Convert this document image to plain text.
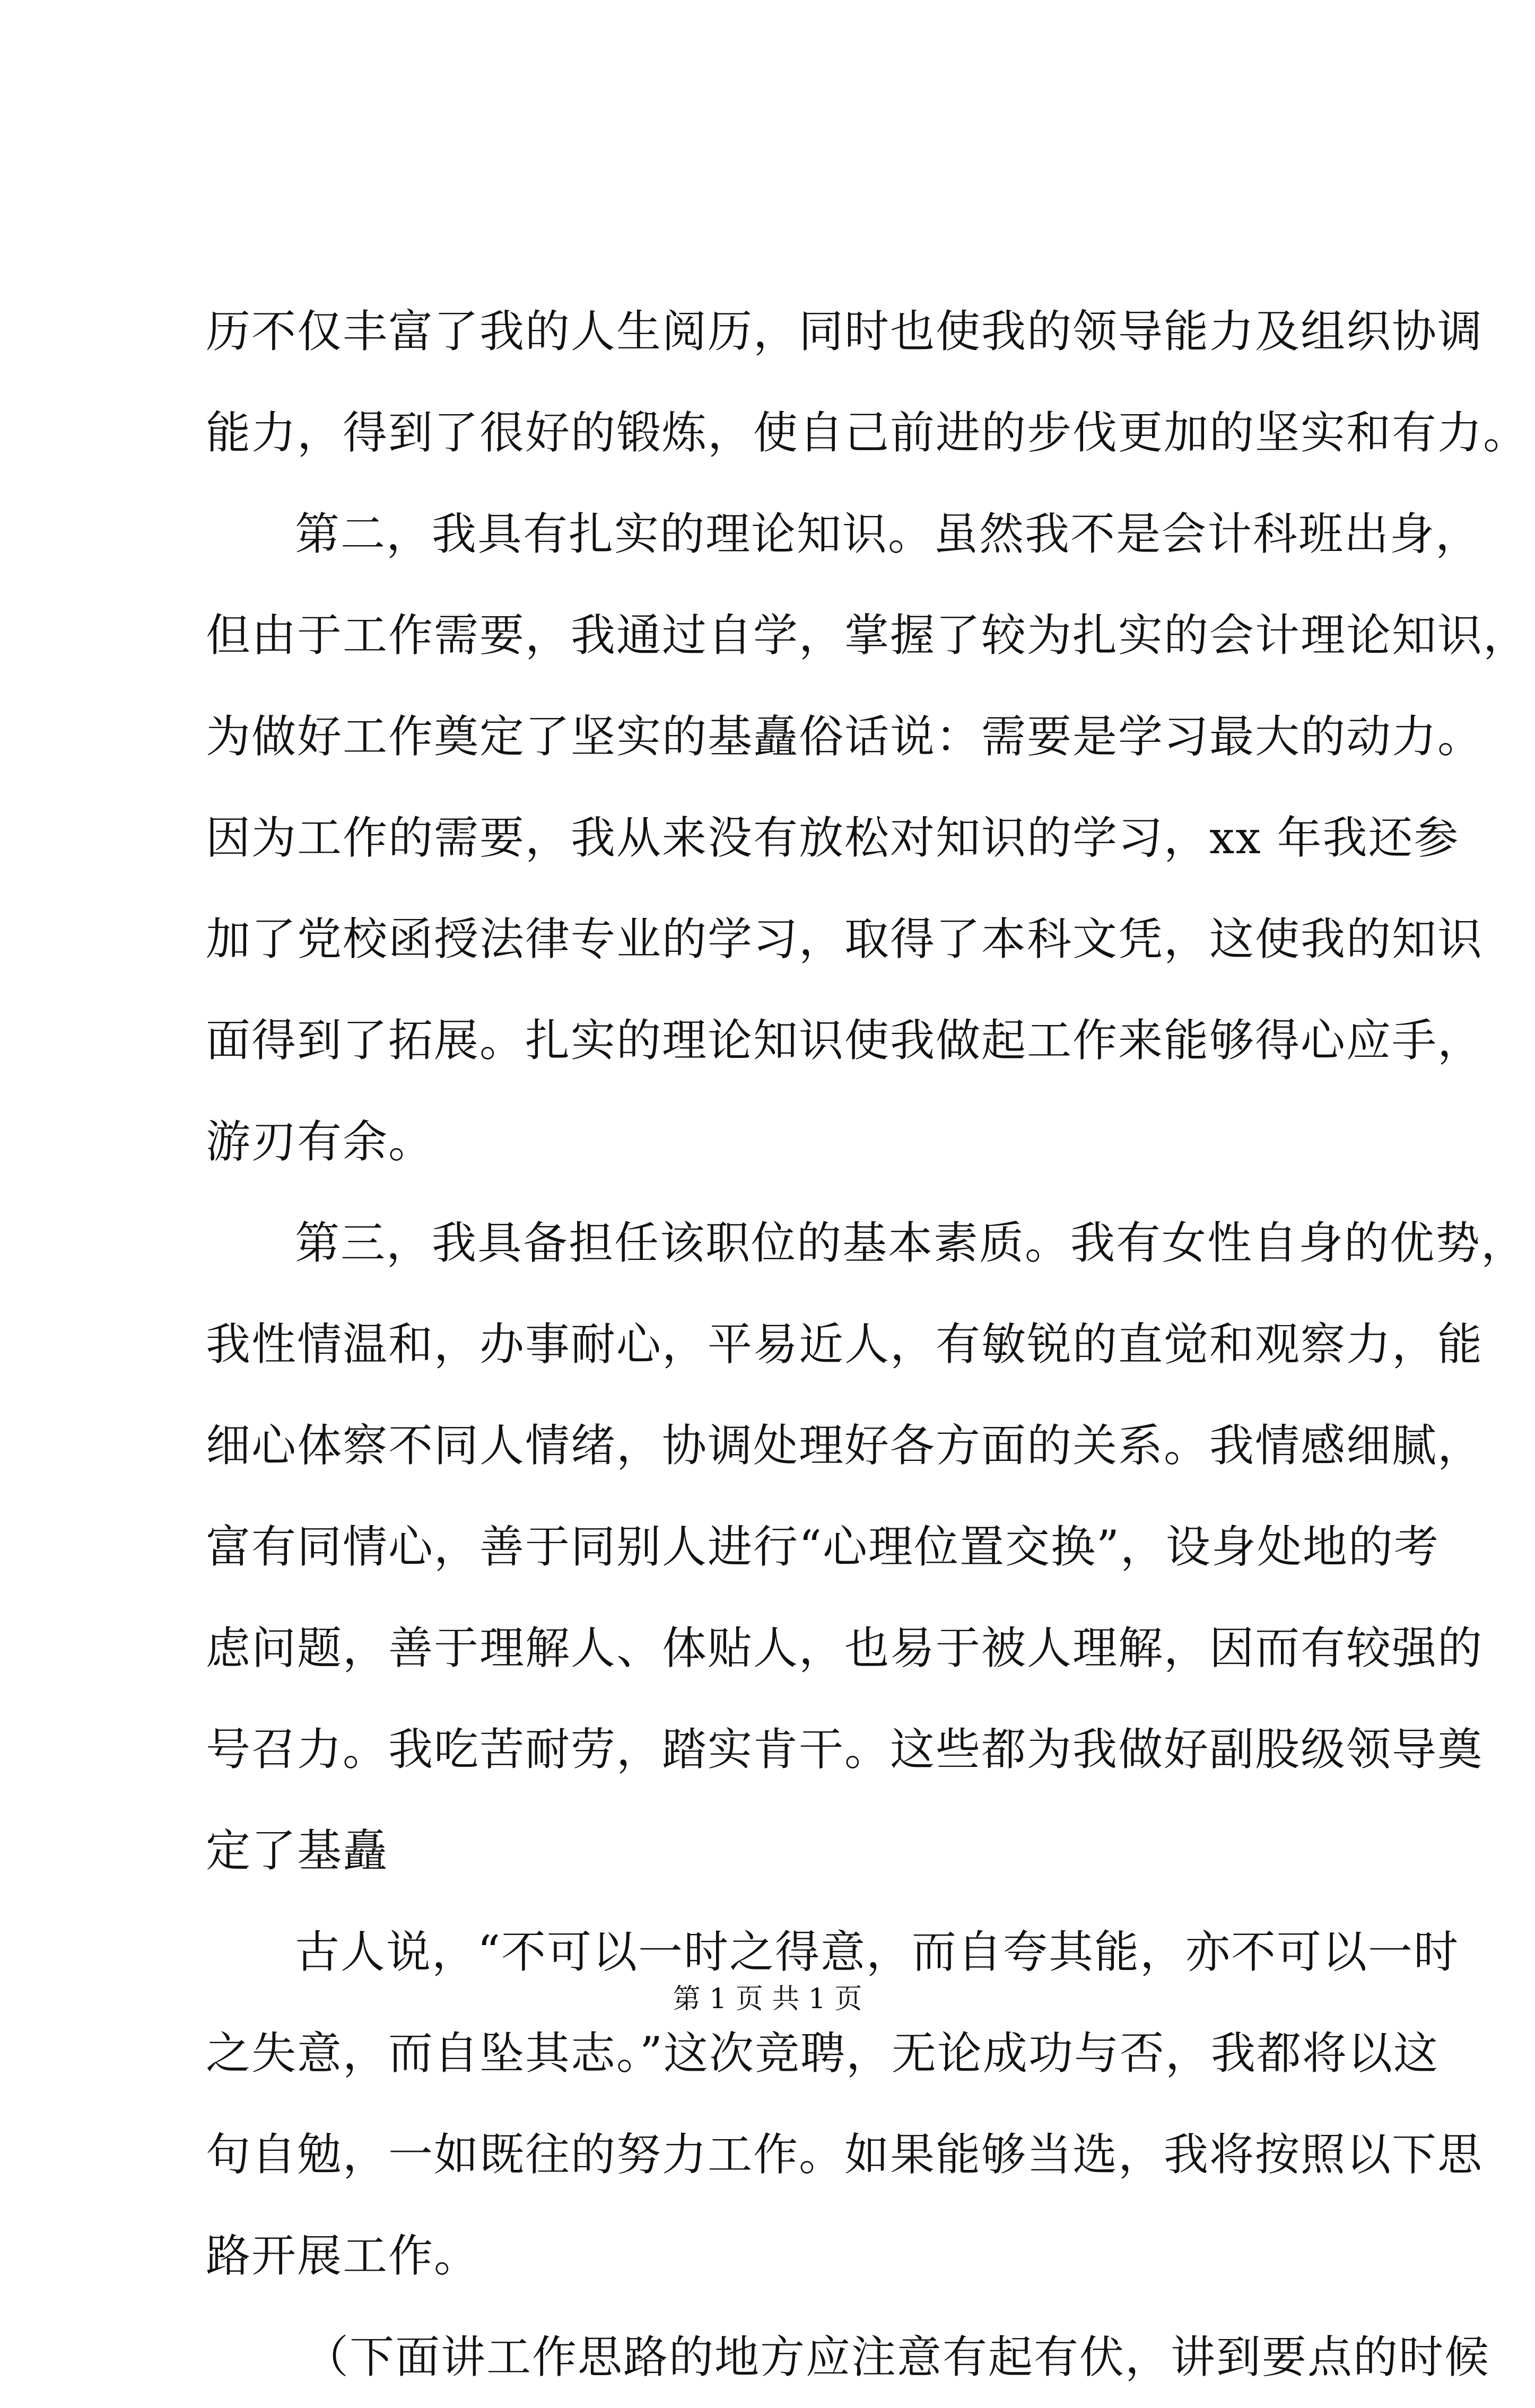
历不仅丰富了我的人生阅历，同时也使我的领导能力及组织协调
能力，得到了很好的锻炼，使自己前进的步伐更加的坚实和有力。
第二，我具有扎实的理论知识。虽然我不是会计科班出身，
但由于工作需要，我通过自学，掌握了较为扎实的会计理论知识，
为做好工作奠定了坚实的基矗俗话说：需要是学习最大的动力。
因为工作的需要，我从来没有放松对知识的学习，xx 年我还参
加了党校函授法律专业的学习，取得了本科文凭，这使我的知识
面得到了拓展。扎实的理论知识使我做起工作来能够得心应手，
游刃有余。
第三，我具备担任该职位的基本素质。我有女性自身的优势，
我性情温和，办事耐心，平易近人，有敏锐的直觉和观察力，能
细心体察不同人情绪，协调处理好各方面的关系。我情感细腻，
富有同情心，善于同别人进行“心理位置交换”，设身处地的考
虑问题，善于理解人、体贴人，也易于被人理解，因而有较强的
号召力。我吃苦耐劳，踏实肯干。这些都为我做好副股级领导奠
定了基矗
古人说，“不可以一时之得意，而自夸其能，亦不可以一时
之失意，而自坠其志。”这次竞聘，无论成功与否，我都将以这
句自勉，一如既往的努力工作。如果能够当选，我将按照以下思
路开展工作。
（下面讲工作思路的地方应注意有起有伏，讲到要点的时候
第 1 页 共 1 页
